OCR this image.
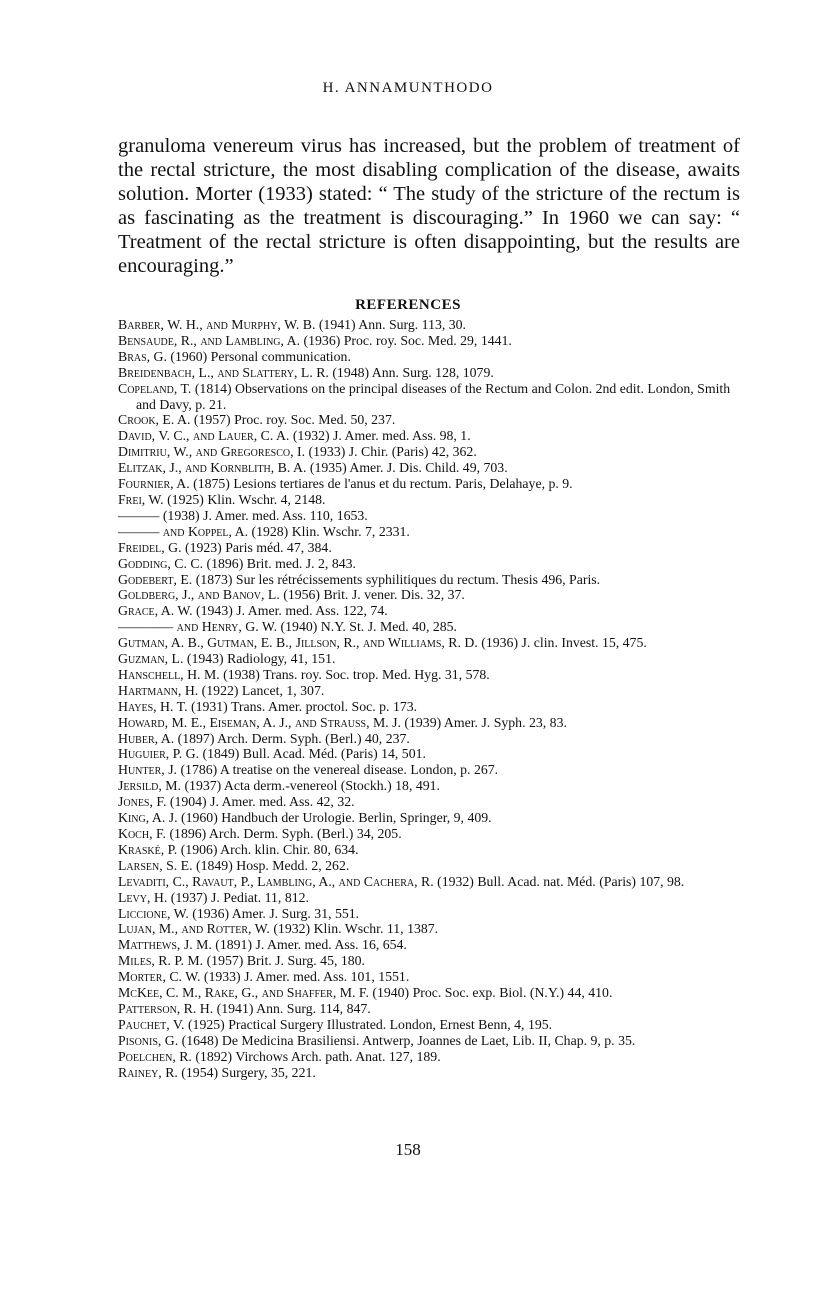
H. ANNAMUNTHODO

granuloma venereum virus has increased, but the problem of treatment of the rectal stricture, the most disabling complication of the disease, awaits solution. Morter (1933) stated: “ The study of the stricture of the rectum is as fascinating as the treatment is discouraging.” In 1960 we can say: “ Treatment of the rectal stricture is often disappointing, but the results are encouraging.”

REFERENCES
Barber, W. H., and Murphy, W. B. (1941) Ann. Surg. 113, 30.
Bensaude, R., and Lambling, A. (1936) Proc. roy. Soc. Med. 29, 1441.
Bras, G. (1960) Personal communication.
Breidenbach, L., and Slattery, L. R. (1948) Ann. Surg. 128, 1079.
Copeland, T. (1814) Observations on the principal diseases of the Rectum and Colon. 2nd edit. London, Smith and Davy, p. 21.
Crook, E. A. (1957) Proc. roy. Soc. Med. 50, 237.
David, V. C., and Lauer, C. A. (1932) J. Amer. med. Ass. 98, 1.
Dimitriu, W., and Gregoresco, I. (1933) J. Chir. (Paris) 42, 362.
Elitzak, J., and Kornblith, B. A. (1935) Amer. J. Dis. Child. 49, 703.
Fournier, A. (1875) Lesions tertiares de l'anus et du rectum. Paris, Delahaye, p. 9.
Frei, W. (1925) Klin. Wschr. 4, 2148.
——— (1938) J. Amer. med. Ass. 110, 1653.
——— and Koppel, A. (1928) Klin. Wschr. 7, 2331.
Freidel, G. (1923) Paris méd. 47, 384.
Godding, C. C. (1896) Brit. med. J. 2, 843.
Godebert, E. (1873) Sur les rétrécissements syphilitiques du rectum. Thesis 496, Paris.
Goldberg, J., and Banov, L. (1956) Brit. J. vener. Dis. 32, 37.
Grace, A. W. (1943) J. Amer. med. Ass. 122, 74.
———— and Henry, G. W. (1940) N.Y. St. J. Med. 40, 285.
Gutman, A. B., Gutman, E. B., Jillson, R., and Williams, R. D. (1936) J. clin. Invest. 15, 475.
Guzman, L. (1943) Radiology, 41, 151.
Hanschell, H. M. (1938) Trans. roy. Soc. trop. Med. Hyg. 31, 578.
Hartmann, H. (1922) Lancet, 1, 307.
Hayes, H. T. (1931) Trans. Amer. proctol. Soc. p. 173.
Howard, M. E., Eiseman, A. J., and Strauss, M. J. (1939) Amer. J. Syph. 23, 83.
Huber, A. (1897) Arch. Derm. Syph. (Berl.) 40, 237.
Huguier, P. G. (1849) Bull. Acad. Méd. (Paris) 14, 501.
Hunter, J. (1786) A treatise on the venereal disease. London, p. 267.
Jersild, M. (1937) Acta derm.-venereol (Stockh.) 18, 491.
Jones, F. (1904) J. Amer. med. Ass. 42, 32.
King, A. J. (1960) Handbuch der Urologie. Berlin, Springer, 9, 409.
Koch, F. (1896) Arch. Derm. Syph. (Berl.) 34, 205.
Kraské, P. (1906) Arch. klin. Chir. 80, 634.
Larsen, S. E. (1849) Hosp. Medd. 2, 262.
Levaditi, C., Ravaut, P., Lambling, A., and Cachera, R. (1932) Bull. Acad. nat. Méd. (Paris) 107, 98.
Levy, H. (1937) J. Pediat. 11, 812.
Liccione, W. (1936) Amer. J. Surg. 31, 551.
Lujan, M., and Rotter, W. (1932) Klin. Wschr. 11, 1387.
Matthews, J. M. (1891) J. Amer. med. Ass. 16, 654.
Miles, R. P. M. (1957) Brit. J. Surg. 45, 180.
Morter, C. W. (1933) J. Amer. med. Ass. 101, 1551.
McKee, C. M., Rake, G., and Shaffer, M. F. (1940) Proc. Soc. exp. Biol. (N.Y.) 44, 410.
Patterson, R. H. (1941) Ann. Surg. 114, 847.
Pauchet, V. (1925) Practical Surgery Illustrated. London, Ernest Benn, 4, 195.
Pisonis, G. (1648) De Medicina Brasiliensi. Antwerp, Joannes de Laet, Lib. II, Chap. 9, p. 35.
Poelchen, R. (1892) Virchows Arch. path. Anat. 127, 189.
Rainey, R. (1954) Surgery, 35, 221.
158
